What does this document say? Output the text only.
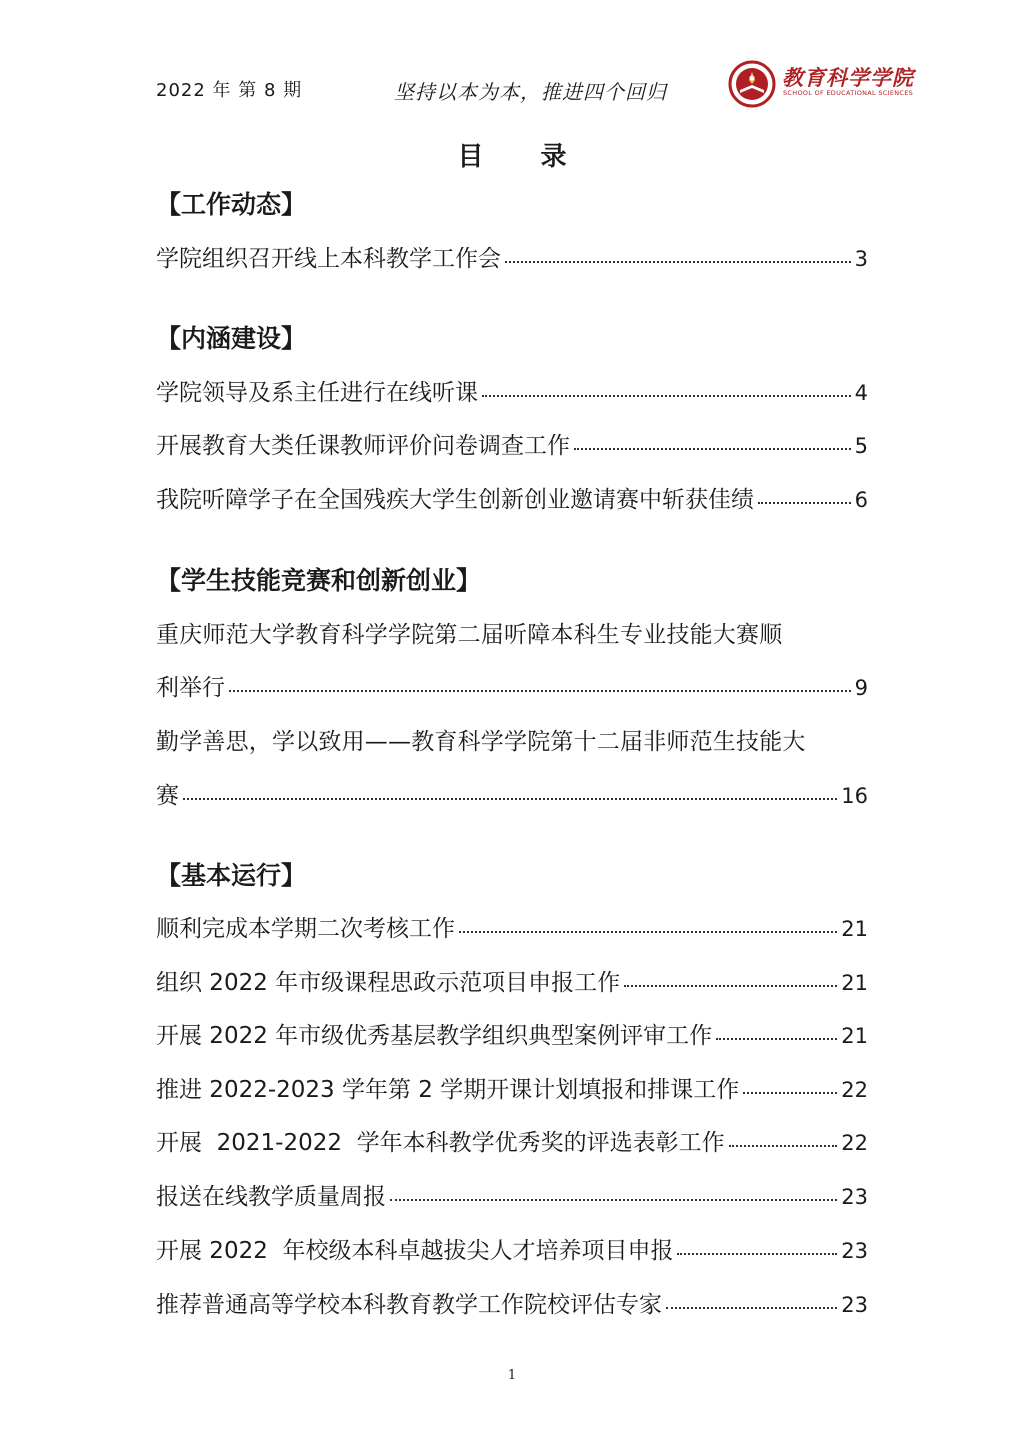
2022 年 第 8 期	坚持以本为本，推进四个回归
教育科学学院
SCHOOL OF EDUCATIONAL SCIENCES
目 录
【工作动态】
学院组织召开线上本科教学工作会	3
【内涵建设】
学院领导及系主任进行在线听课	4
开展教育大类任课教师评价问卷调查工作	5
我院听障学子在全国残疾大学生创新创业邀请赛中斩获佳绩	6
【学生技能竞赛和创新创业】
重庆师范大学教育科学学院第二届听障本科生专业技能大赛顺
利举行	9
勤学善思，学以致用——教育科学学院第十二届非师范生技能大
赛	16
【基本运行】
顺利完成本学期二次考核工作	21
组织 2022 年市级课程思政示范项目申报工作	21
开展 2022 年市级优秀基层教学组织典型案例评审工作	21
推进 2022-2023 学年第 2 学期开课计划填报和排课工作	22
开展  2021-2022  学年本科教学优秀奖的评选表彰工作	22
报送在线教学质量周报	23
开展 2022  年校级本科卓越拔尖人才培养项目申报	23
推荐普通高等学校本科教育教学工作院校评估专家	23
1
